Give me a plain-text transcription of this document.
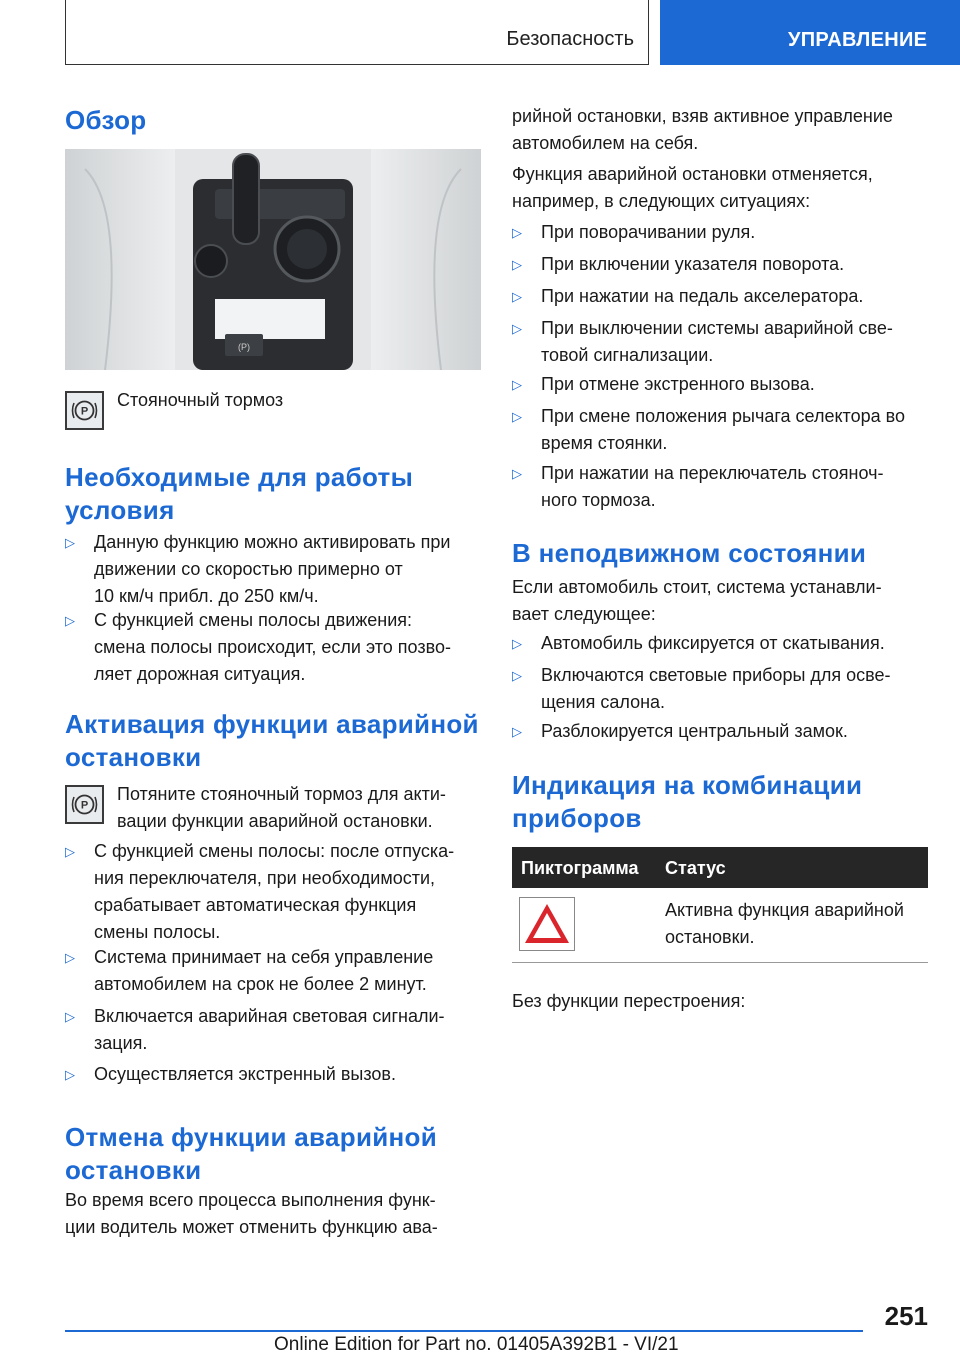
Безопасность	УПРАВЛЕНИЕ
Обзор
(P)
P
Стояночный тормоз
Необходимые для работы
условия
▷	Данную функцию можно активировать при
движении со скоростью примерно от
10 км/ч прибл. до 250 км/ч.
▷	С функцией смены полосы движения:
смена полосы происходит, если это позво-
ляет дорожная ситуация.
Активация функции аварийной
остановки
P
Потяните стояночный тормоз для акти-
вации функции аварийной остановки.
▷	С функцией смены полосы: после отпуска-
ния переключателя, при необходимости,
срабатывает автоматическая функция
смены полосы.
▷	Система принимает на себя управление
автомобилем на срок не более 2 минут.
▷	Включается аварийная световая сигнали-
зация.
▷	Осуществляется экстренный вызов.
Отмена функции аварийной
остановки
Во время всего процесса выполнения функ-
ции водитель может отменить функцию ава-
рийной остановки, взяв активное управление
автомобилем на себя.
Функция аварийной остановки отменяется,
например, в следующих ситуациях:
▷	При поворачивании руля.
▷	При включении указателя поворота.
▷	При нажатии на педаль акселератора.
▷	При выключении системы аварийной све-
товой сигнализации.
▷	При отмене экстренного вызова.
▷	При смене положения рычага селектора во
время стоянки.
▷	При нажатии на переключатель стояноч-
ного тормоза.
В неподвижном состоянии
Если автомобиль стоит, система устанавли-
вает следующее:
▷	Автомобиль фиксируется от скатывания.
▷	Включаются световые приборы для осве-
щения салона.
▷	Разблокируется центральный замок.
Индикация на комбинации
приборов
Пиктограмма Статус
Активна функция аварийной
остановки.
Без функции перестроения:
251
Online Edition for Part no. 01405A392B1 - VI/21
